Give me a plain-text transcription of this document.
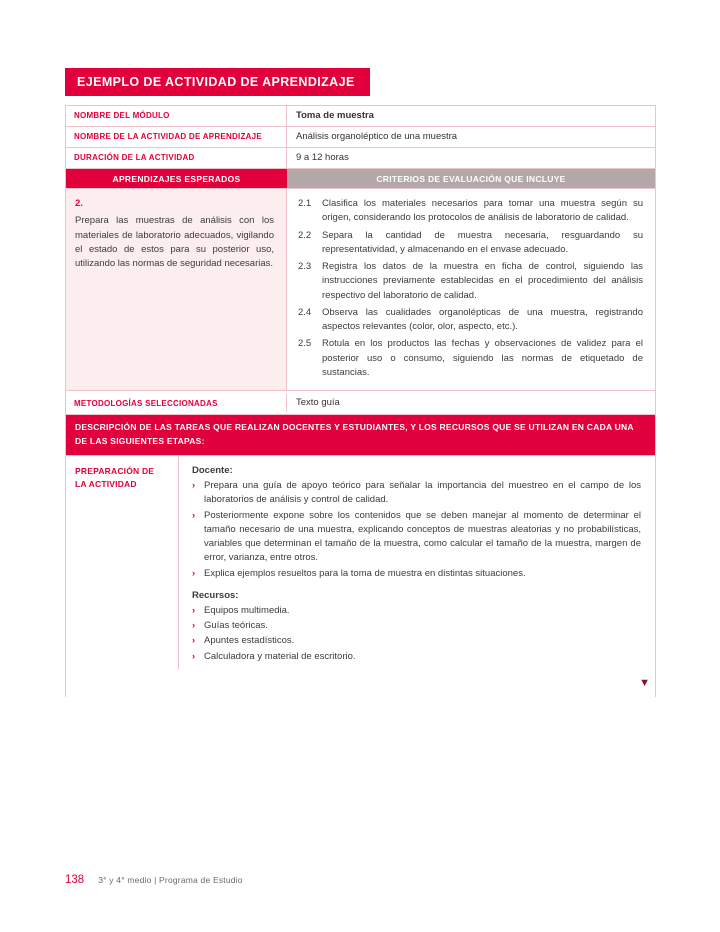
EJEMPLO DE ACTIVIDAD DE APRENDIZAJE
NOMBRE DEL MÓDULO	Toma de muestra
NOMBRE DE LA ACTIVIDAD DE APRENDIZAJE	Análisis organoléptico de una muestra
DURACIÓN DE LA ACTIVIDAD	9 a 12 horas
APRENDIZAJES ESPERADOS	CRITERIOS DE EVALUACIÓN QUE INCLUYE
2.
Prepara las muestras de análisis con los materiales de laboratorio adecuados, vigilando el estado de estos para su posterior uso, utilizando las normas de seguridad necesarias.
2.1	Clasifica los materiales necesarios para tomar una muestra según su origen, considerando los protocolos de análisis de laboratorio de calidad.
2.2	Separa la cantidad de muestra necesaria, resguardando su representatividad, y almacenando en el envase adecuado.
2.3	Registra los datos de la muestra en ficha de control, siguiendo las instrucciones previamente establecidas en el procedimiento del análisis respectivo del laboratorio de calidad.
2.4	Observa las cualidades organolépticas de una muestra, registrando aspectos relevantes (color, olor, aspecto, etc.).
2.5	Rotula en los productos las fechas y observaciones de validez para el posterior uso o consumo, siguiendo las normas de etiquetado de sustancias.
METODOLOGÍAS SELECCIONADAS	Texto guía
DESCRIPCIÓN DE LAS TAREAS QUE REALIZAN DOCENTES Y ESTUDIANTES, Y LOS RECURSOS QUE SE UTILIZAN EN CADA UNA DE LAS SIGUIENTES ETAPAS:
PREPARACIÓN DE LA ACTIVIDAD
Docente:
› Prepara una guía de apoyo teórico para señalar la importancia del muestreo en el campo de los laboratorios de análisis y control de calidad.
› Posteriormente expone sobre los contenidos que se deben manejar al momento de determinar el tamaño necesario de una muestra, explicando conceptos de muestras aleatorias y no probabilísticas, variables que determinan el tamaño de la muestra, como calcular el tamaño de la muestra, margen de error, varianza, entre otros.
› Explica ejemplos resueltos para la toma de muestra en distintas situaciones.
Recursos:
› Equipos multimedia.
› Guías teóricas.
› Apuntes estadísticos.
› Calculadora y material de escritorio.
▼
138 3° y 4° medio | Programa de Estudio
